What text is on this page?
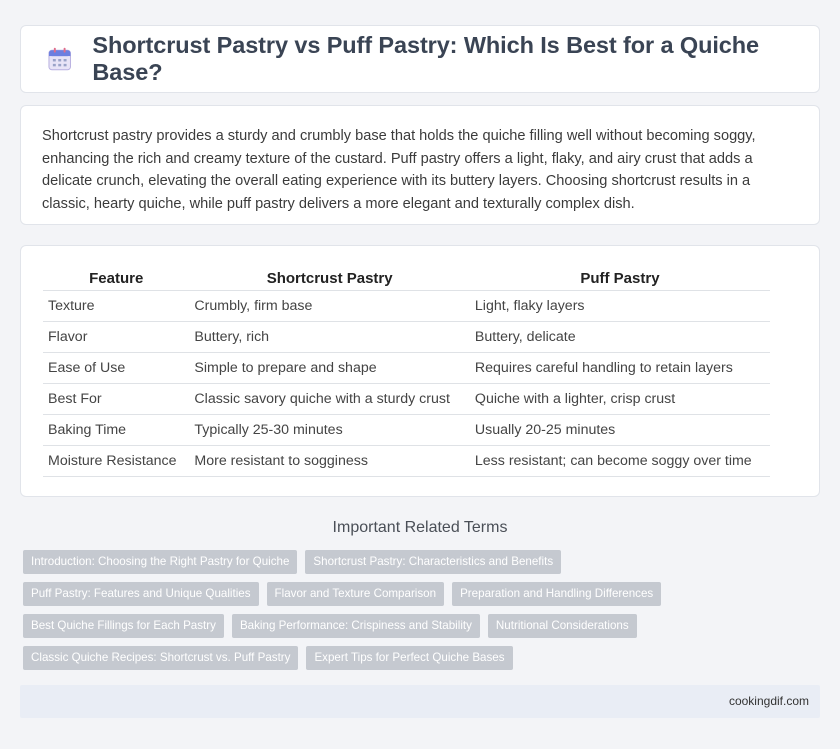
Shortcrust Pastry vs Puff Pastry: Which Is Best for a Quiche Base?

Shortcrust pastry provides a sturdy and crumbly base that holds the quiche filling well without becoming soggy, enhancing the rich and creamy texture of the custard. Puff pastry offers a light, flaky, and airy crust that adds a delicate crunch, elevating the overall eating experience with its buttery layers. Choosing shortcrust results in a classic, hearty quiche, while puff pastry delivers a more elegant and texturally complex dish.

Feature	Shortcrust Pastry	Puff Pastry
Texture	Crumbly, firm base	Light, flaky layers
Flavor	Buttery, rich	Buttery, delicate
Ease of Use	Simple to prepare and shape	Requires careful handling to retain layers
Best For	Classic savory quiche with a sturdy crust	Quiche with a lighter, crisp crust
Baking Time	Typically 25-30 minutes	Usually 20-25 minutes
Moisture Resistance	More resistant to sogginess	Less resistant; can become soggy over time
Important Related Terms
Introduction: Choosing the Right Pastry for Quiche	Shortcrust Pastry: Characteristics and Benefits
Puff Pastry: Features and Unique Qualities	Flavor and Texture Comparison	Preparation and Handling Differences
Best Quiche Fillings for Each Pastry	Baking Performance: Crispiness and Stability	Nutritional Considerations
Classic Quiche Recipes: Shortcrust vs. Puff Pastry	Expert Tips for Perfect Quiche Bases
cookingdif.com
